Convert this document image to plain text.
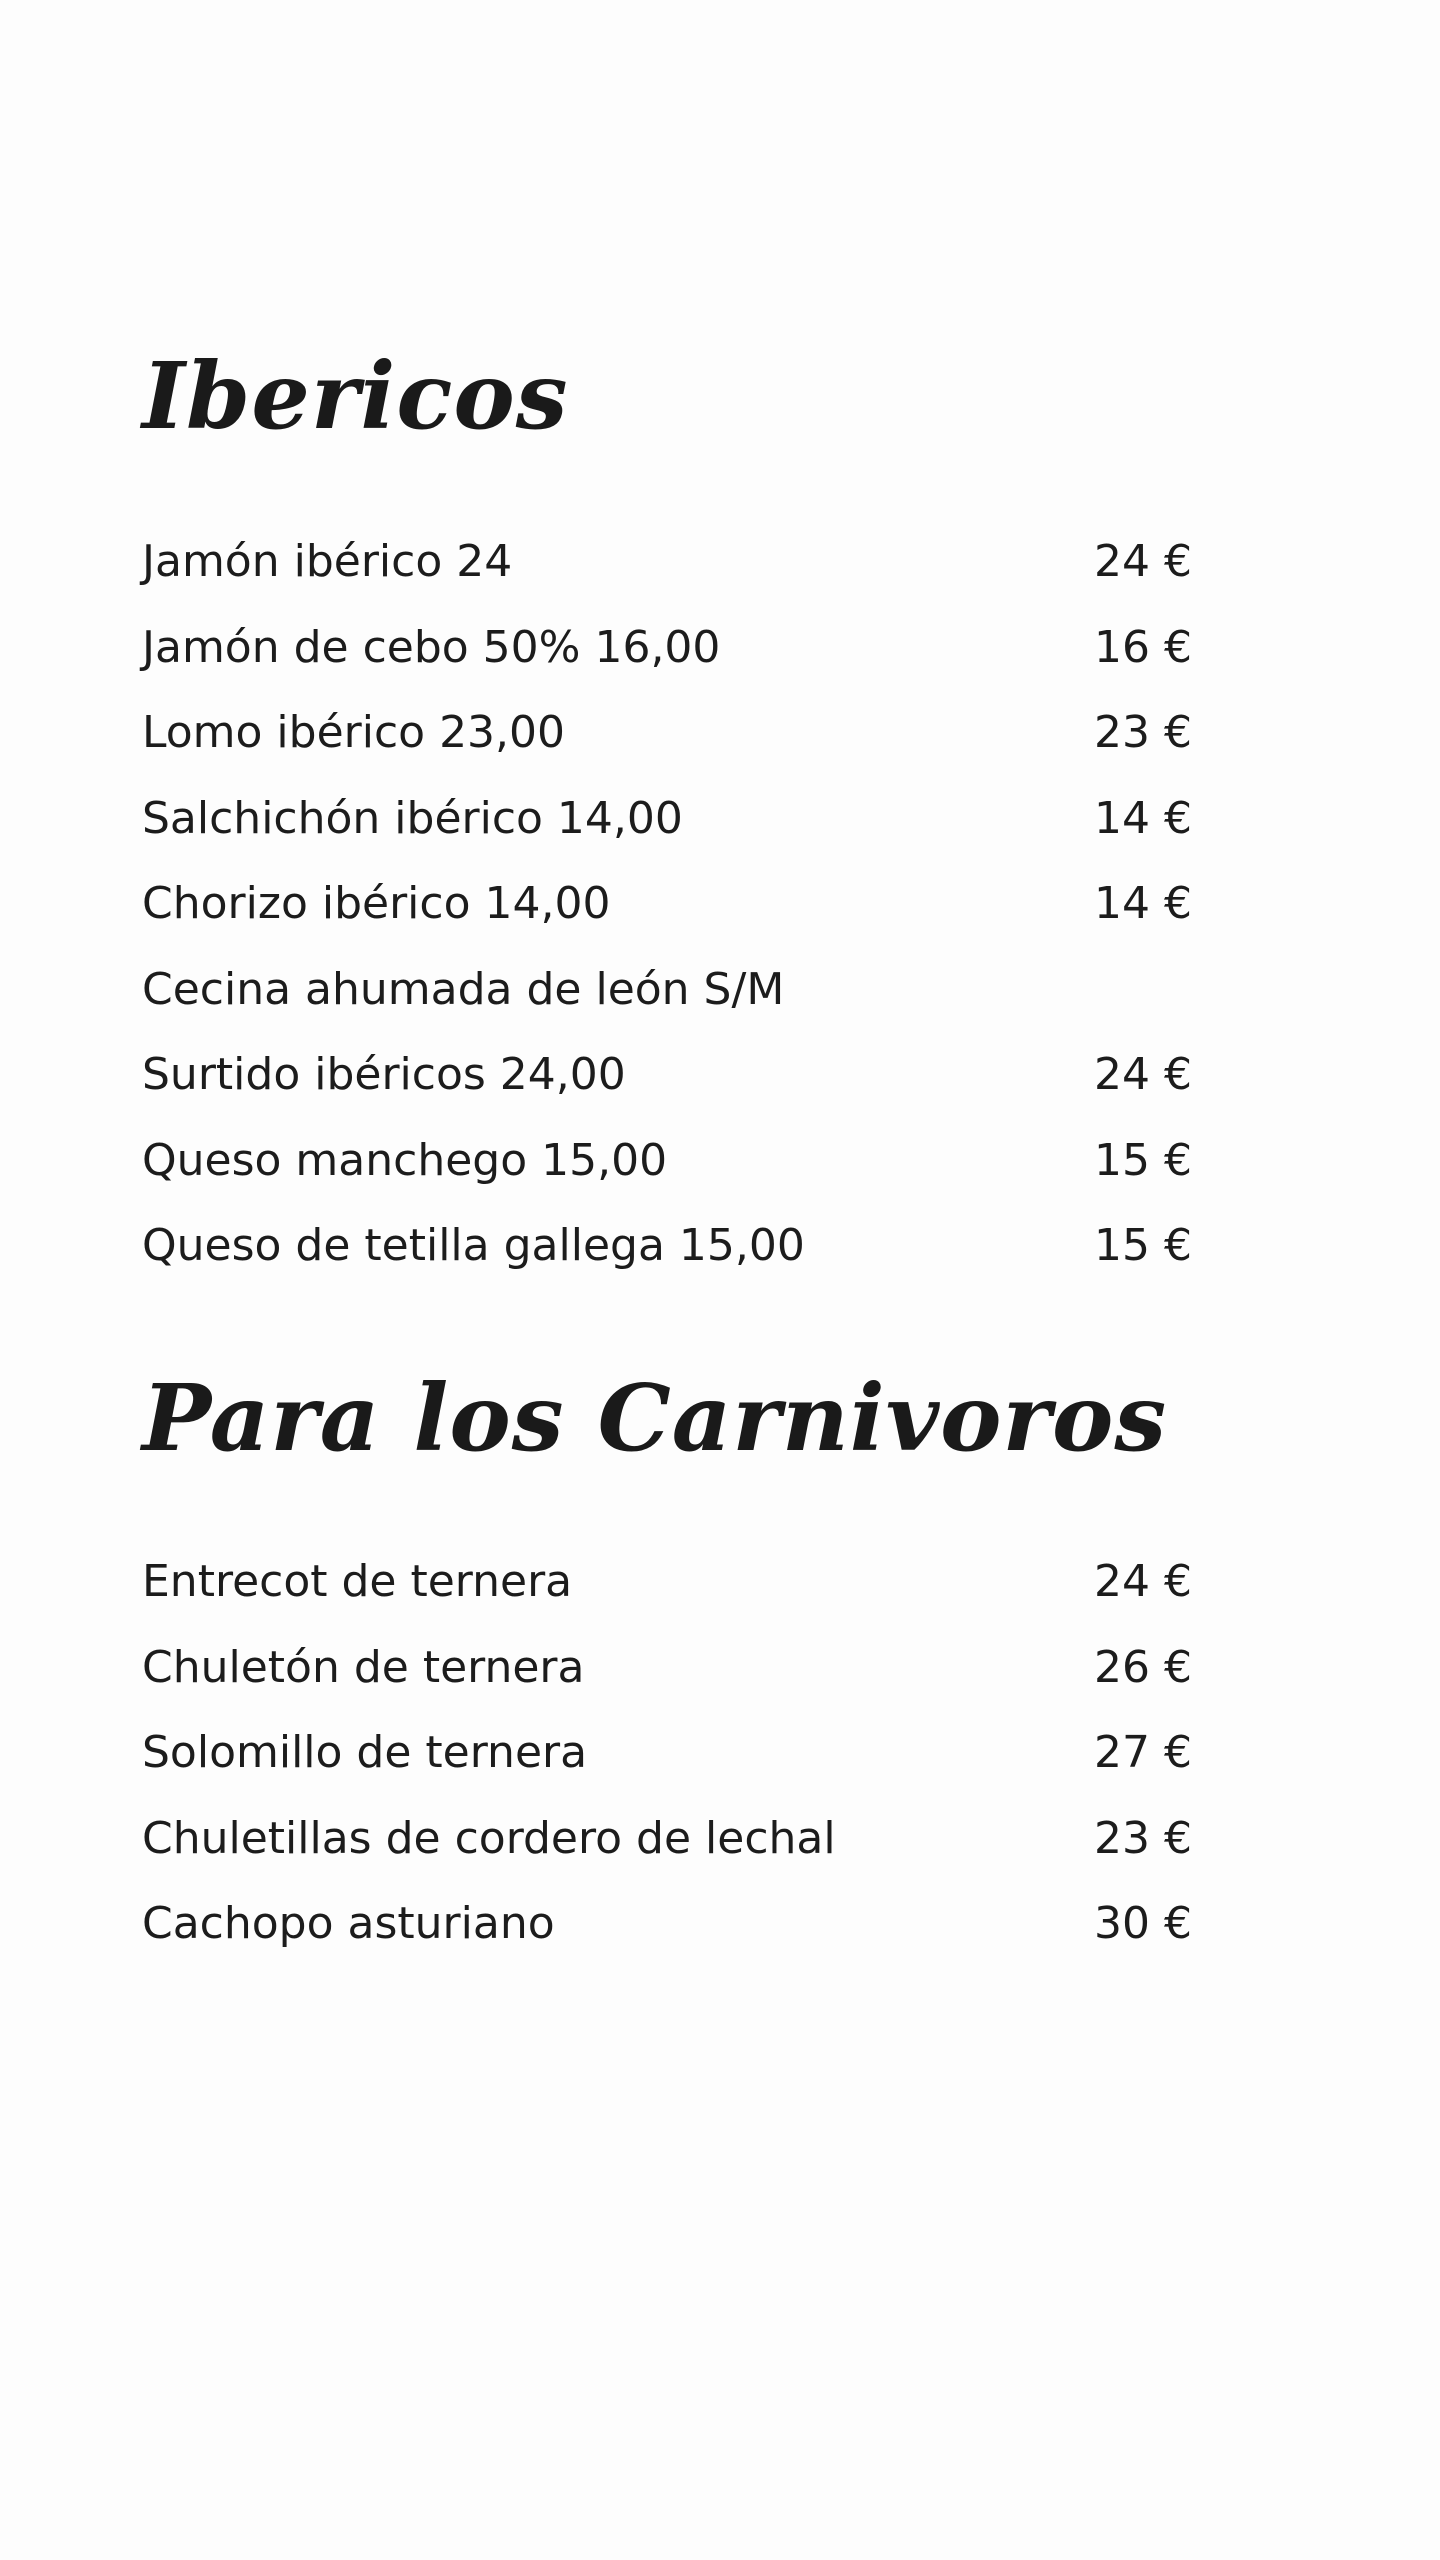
Ibericos
Jamón ibérico 24	24 €
Jamón de cebo 50% 16,00	16 €
Lomo ibérico 23,00	23 €
Salchichón ibérico 14,00	14 €
Chorizo ibérico 14,00	14 €
Cecina ahumada de león S/M
Surtido ibéricos 24,00	24 €
Queso manchego 15,00	15 €
Queso de tetilla gallega 15,00	15 €
Para los Carnivoros
Entrecot de ternera	24 €
Chuletón de ternera	26 €
Solomillo de ternera	27 €
Chuletillas de cordero de lechal	23 €
Cachopo asturiano	30 €
